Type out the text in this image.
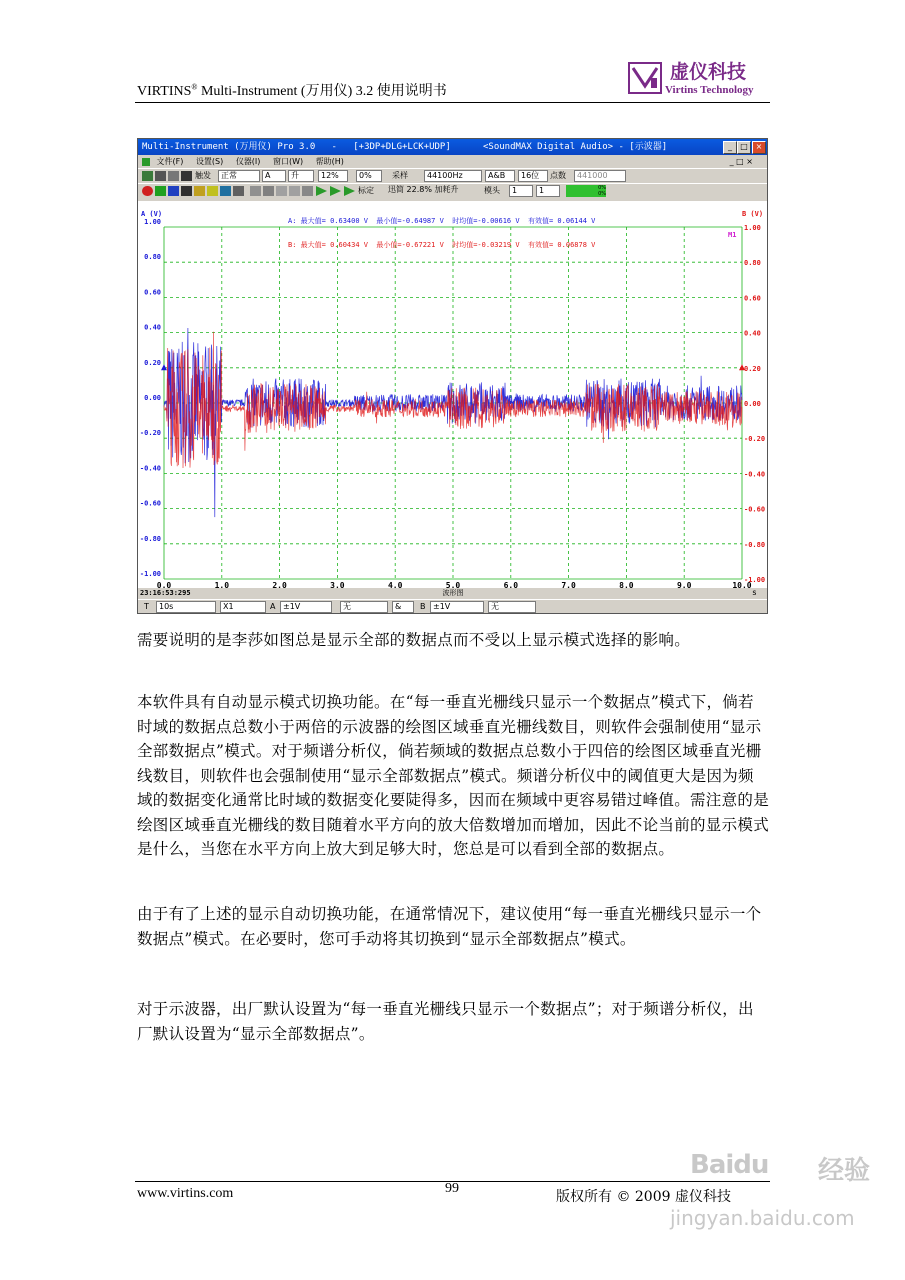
VIRTINS® Multi-Instrument (万用仪) 3.2 使用说明书
虚仪科技
Virtins Technology
Multi-Instrument (万用仪) Pro 3.0   -   [+3DP+DLG+LCK+UDP]	<SoundMAX Digital Audio> - [示波器]	_	□ ×
文件(F) 设置(S) 仪器(I) 窗口(W) 帮助(H)	_ □ ×
触发	正常	A	升	12%	0%	采样	44100Hz	A&B	16位	点数	441000
标定 迅简 22.8% 加耗升	模头	1	1	0%
0%
0.0	1.0	2.0	3.0	4.0	5.0	6.0	7.0	8.0	9.0	10.0
1.00
1.00
0.80
0.80
0.60
0.60
0.40
0.40
0.20
0.20
0.00
0.00
-0.20
-0.20
-0.40
-0.40
-0.60
-0.60
-0.80
-0.80
-1.00
-1.00
A (V)	B (V)
波形图	s
23:16:53:295
M1

A: 最大值= 0.63400 V  最小值=-0.64987 V  时均值=-0.00616 V  有效值= 0.06144 V

B: 最大值= 0.60434 V  最小值=-0.67221 V  时均值=-0.03219 V  有效值= 0.06878 V

T	10s	X1	A ±1V	无	&	B ±1V	无
需要说明的是李莎如图总是显示全部的数据点而不受以上显示模式选择的影响。
本软件具有自动显示模式切换功能。在“每一垂直光栅线只显示一个数据点”模式下，倘若时域的数据点总数小于两倍的示波器的绘图区域垂直光栅线数目，则软件会强制使用“显示全部数据点”模式。对于频谱分析仪，倘若频域的数据点总数小于四倍的绘图区域垂直光栅线数目，则软件也会强制使用“显示全部数据点”模式。频谱分析仪中的阈值更大是因为频域的数据变化通常比时域的数据变化要陡得多，因而在频域中更容易错过峰值。需注意的是绘图区域垂直光栅线的数目随着水平方向的放大倍数增加而增加，因此不论当前的显示模式是什么，当您在水平方向上放大到足够大时，您总是可以看到全部的数据点。
由于有了上述的显示自动切换功能，在通常情况下，建议使用“每一垂直光栅线只显示一个数据点”模式。在必要时，您可手动将其切换到“显示全部数据点”模式。
对于示波器，出厂默认设置为“每一垂直光栅线只显示一个数据点”；对于频谱分析仪，出厂默认设置为“显示全部数据点”。
www.virtins.com	99
版权所有 © 2009 虚仪科技
Baidu 经验
jingyan.baidu.com
